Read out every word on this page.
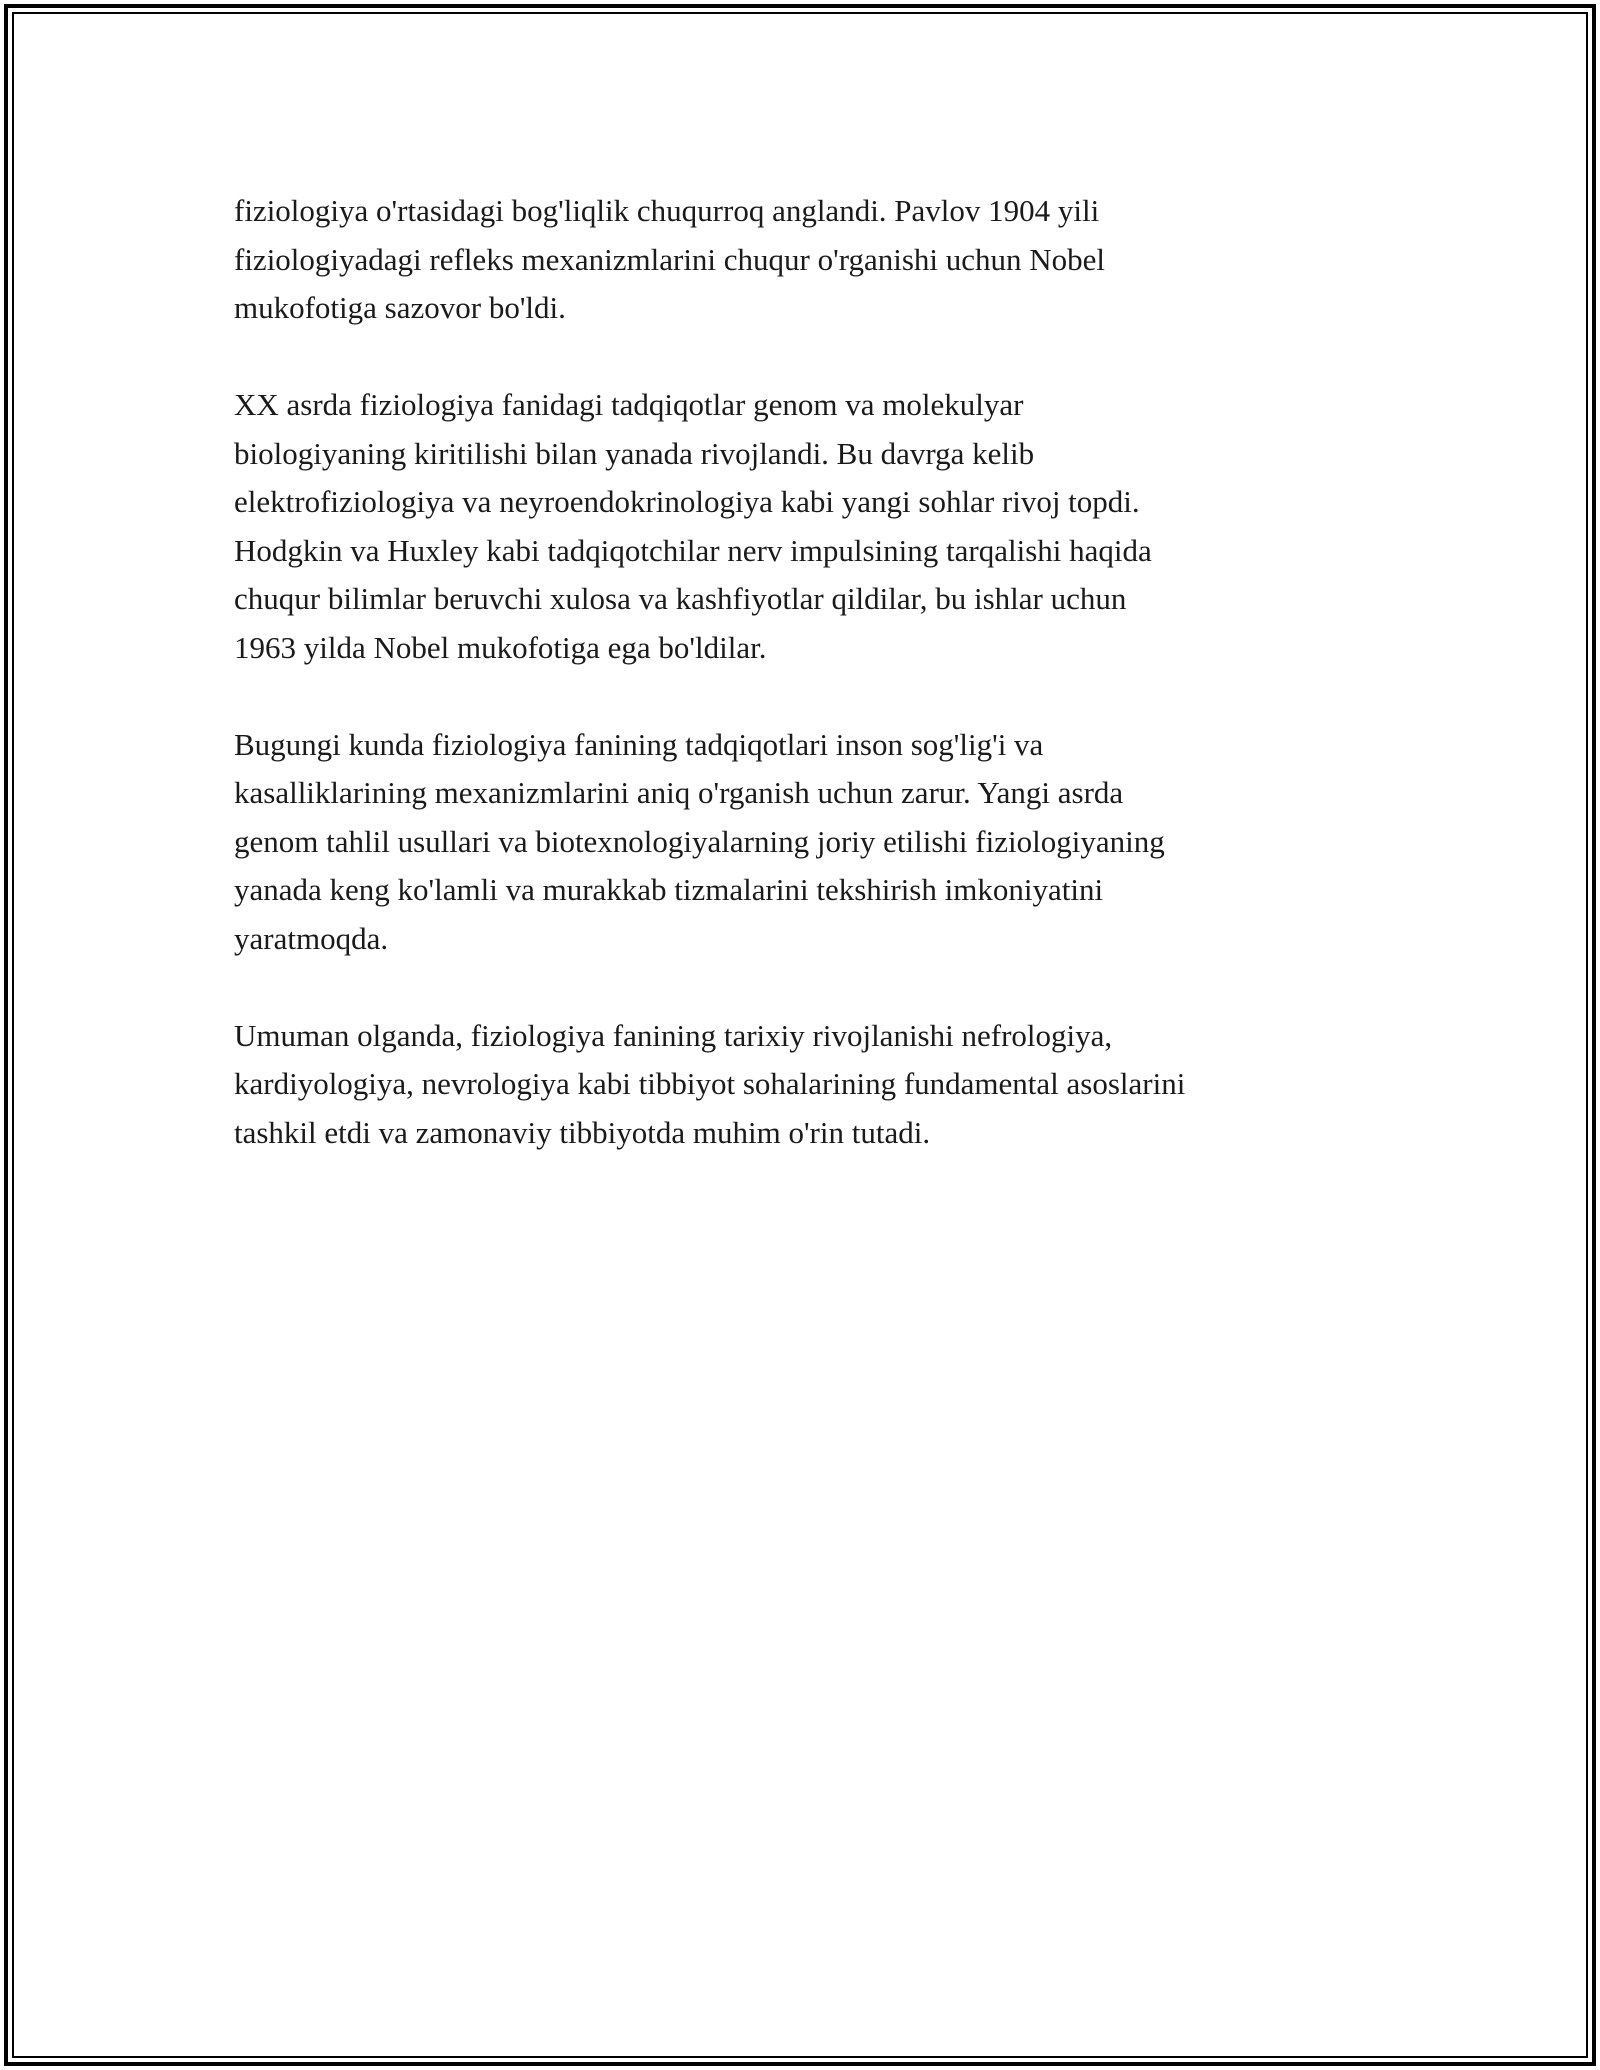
fiziologiya o'rtasidagi bog'liqlik chuqurroq anglandi. Pavlov 1904 yili
fiziologiyadagi refleks mexanizmlarini chuqur o'rganishi uchun Nobel
mukofotiga sazovor bo'ldi.

XX asrda fiziologiya fanidagi tadqiqotlar genom va molekulyar
biologiyaning kiritilishi bilan yanada rivojlandi. Bu davrga kelib
elektrofiziologiya va neyroendokrinologiya kabi yangi sohlar rivoj topdi.
Hodgkin va Huxley kabi tadqiqotchilar nerv impulsining tarqalishi haqida
chuqur bilimlar beruvchi xulosa va kashfiyotlar qildilar, bu ishlar uchun
1963 yilda Nobel mukofotiga ega bo'ldilar.

Bugungi kunda fiziologiya fanining tadqiqotlari inson sog'lig'i va
kasalliklarining mexanizmlarini aniq o'rganish uchun zarur. Yangi asrda
genom tahlil usullari va biotexnologiyalarning joriy etilishi fiziologiyaning
yanada keng ko'lamli va murakkab tizmalarini tekshirish imkoniyatini
yaratmoqda.

Umuman olganda, fiziologiya fanining tarixiy rivojlanishi nefrologiya,
kardiyologiya, nevrologiya kabi tibbiyot sohalarining fundamental asoslarini
tashkil etdi va zamonaviy tibbiyotda muhim o'rin tutadi.
